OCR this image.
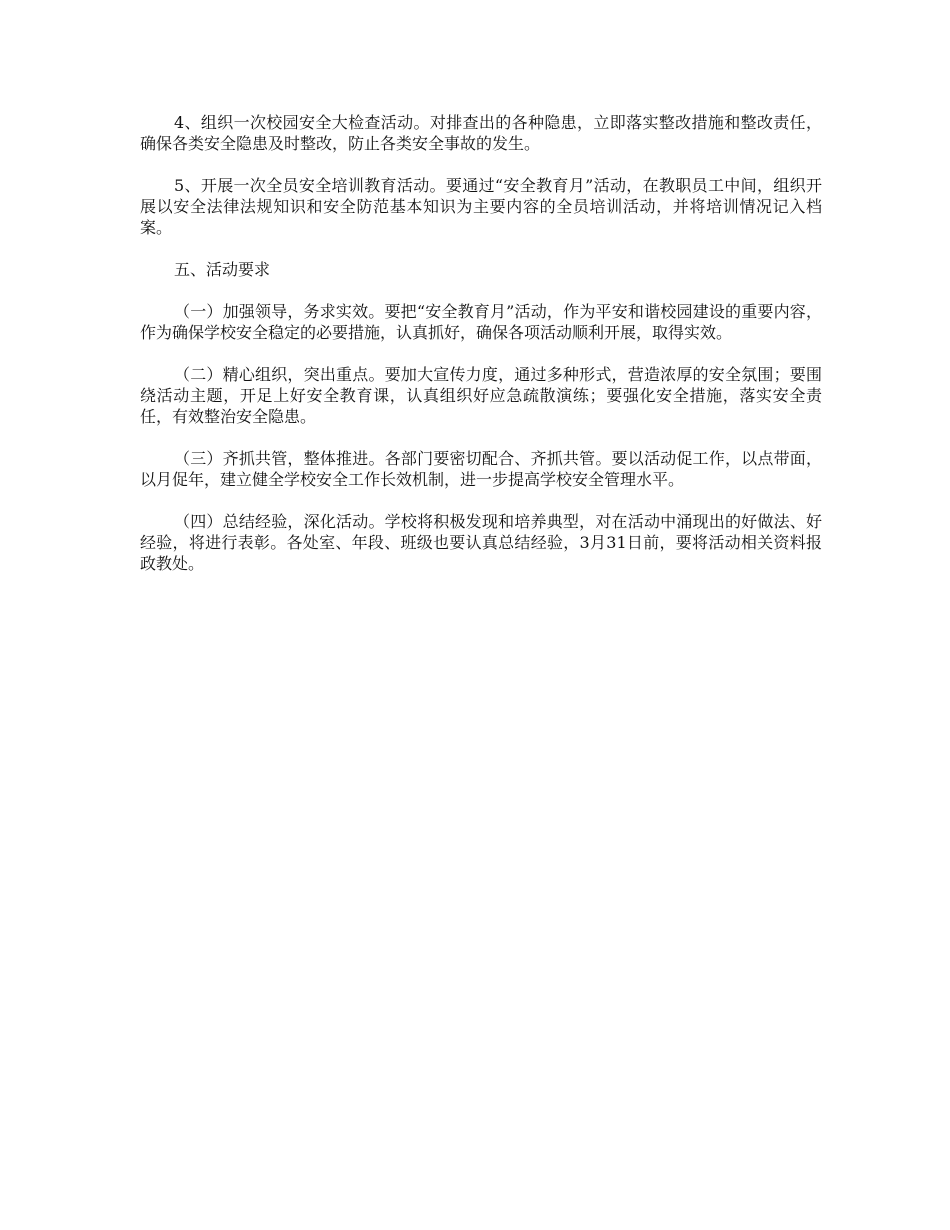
4、组织一次校园安全大检查活动。对排查出的各种隐患，立即落实整改措施和整改责任，确保各类安全隐患及时整改，防止各类安全事故的发生。

5、开展一次全员安全培训教育活动。要通过“安全教育月”活动，在教职员工中间，组织开展以安全法律法规知识和安全防范基本知识为主要内容的全员培训活动，并将培训情况记入档案。

五、活动要求

（一）加强领导，务求实效。要把“安全教育月”活动，作为平安和谐校园建设的重要内容，作为确保学校安全稳定的必要措施，认真抓好，确保各项活动顺利开展，取得实效。

（二）精心组织，突出重点。要加大宣传力度，通过多种形式，营造浓厚的安全氛围；要围绕活动主题，开足上好安全教育课，认真组织好应急疏散演练；要强化安全措施，落实安全责任，有效整治安全隐患。

（三）齐抓共管，整体推进。各部门要密切配合、齐抓共管。要以活动促工作，以点带面，以月促年，建立健全学校安全工作长效机制，进一步提高学校安全管理水平。

（四）总结经验，深化活动。学校将积极发现和培养典型，对在活动中涌现出的好做法、好经验，将进行表彰。各处室、年段、班级也要认真总结经验，3月31日前，要将活动相关资料报政教处。
